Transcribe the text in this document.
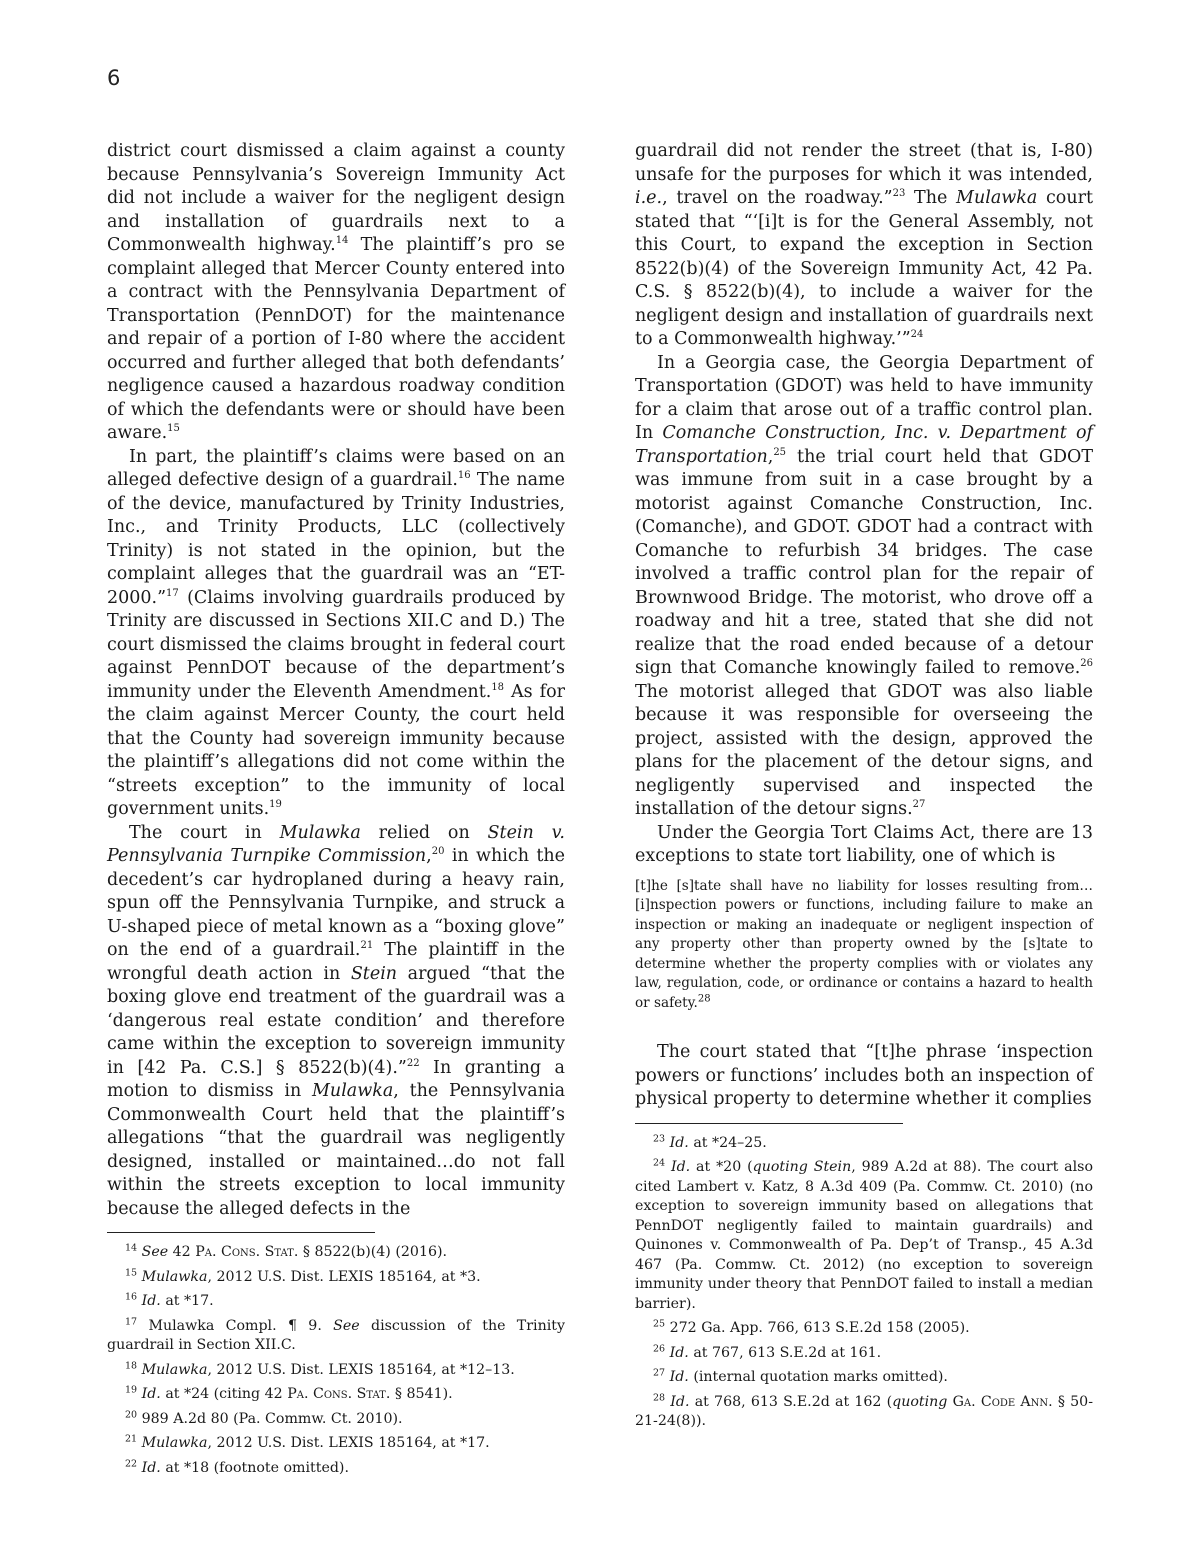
6

district court dismissed a claim against a county because Pennsylvania’s Sovereign Immunity Act did not include a waiver for the negligent design and installation of guardrails next to a Commonwealth highway.$^{14}$ The plaintiff’s pro se complaint alleged that Mercer County entered into a contract with the Pennsylvania Department of Transportation (PennDOT) for the maintenance and repair of a portion of I-80 where the accident occurred and further alleged that both defendants’ negligence caused a hazardous roadway condition of which the defendants were or should have been aware.$^{15}$

In part, the plaintiff’s claims were based on an alleged defective design of a guardrail.$^{16}$ The name of the device, manufactured by Trinity Industries, Inc., and Trinity Products, LLC (collectively Trinity) is not stated in the opinion, but the complaint alleges that the guardrail was an “ET-2000.”$^{17}$ (Claims involving guardrails produced by Trinity are discussed in Sections XII.C and D.) The court dismissed the claims brought in federal court against PennDOT because of the department’s immunity under the Eleventh Amendment.$^{18}$ As for the claim against Mercer County, the court held that the County had sovereign immunity because the plaintiff’s allegations did not come within the “streets exception” to the immunity of local government units.$^{19}$

The court in Mulawka relied on Stein v. Pennsylvania Turnpike Commission,$^{20}$ in which the decedent’s car hydroplaned during a heavy rain, spun off the Pennsylvania Turnpike, and struck a U-shaped piece of metal known as a “boxing glove” on the end of a guardrail.$^{21}$ The plaintiff in the wrongful death action in Stein argued “that the boxing glove end treatment of the guardrail was a ‘dangerous real estate condition’ and therefore came within the exception to sovereign immunity in [42 Pa. C.S.] § 8522(b)(4).”$^{22}$ In granting a motion to dismiss in Mulawka, the Pennsylvania Commonwealth Court held that the plaintiff’s allegations “that the guardrail was negligently designed, installed or maintained…do not fall within the streets exception to local immunity because the alleged defects in the

$^{14}$ See 42 Pa. Cons. Stat. § 8522(b)(4) (2016).

$^{15}$ Mulawka, 2012 U.S. Dist. LEXIS 185164, at *3.

$^{16}$ Id. at *17.

$^{17}$ Mulawka Compl. ¶ 9. See discussion of the Trinity guardrail in Section XII.C.

$^{18}$ Mulawka, 2012 U.S. Dist. LEXIS 185164, at *12–13.

$^{19}$ Id. at *24 (citing 42 Pa. Cons. Stat. § 8541).

$^{20}$ 989 A.2d 80 (Pa. Commw. Ct. 2010).

$^{21}$ Mulawka, 2012 U.S. Dist. LEXIS 185164, at *17.

$^{22}$ Id. at *18 (footnote omitted).

guardrail did not render the street (that is, I-80) unsafe for the purposes for which it was intended, i.e., travel on the roadway.”$^{23}$ The Mulawka court stated that “‘[i]t is for the General Assembly, not this Court, to expand the exception in Section 8522(b)(4) of the Sovereign Immunity Act, 42 Pa. C.S. § 8522(b)(4), to include a waiver for the negligent design and installation of guardrails next to a Commonwealth highway.’”$^{24}$

In a Georgia case, the Georgia Department of Transportation (GDOT) was held to have immunity for a claim that arose out of a traffic control plan. In Comanche Construction, Inc. v. Department of Transportation,$^{25}$ the trial court held that GDOT was immune from suit in a case brought by a motorist against Comanche Construction, Inc. (Comanche), and GDOT. GDOT had a contract with Comanche to refurbish 34 bridges. The case involved a traffic control plan for the repair of Brownwood Bridge. The motorist, who drove off a roadway and hit a tree, stated that she did not realize that the road ended because of a detour sign that Comanche knowingly failed to remove.$^{26}$ The motorist alleged that GDOT was also liable because it was responsible for overseeing the project, assisted with the design, approved the plans for the placement of the detour signs, and negligently supervised and inspected the installation of the detour signs.$^{27}$

Under the Georgia Tort Claims Act, there are 13 exceptions to state tort liability, one of which is

[t]he [s]tate shall have no liability for losses resulting from…[i]nspection powers or functions, including failure to make an inspection or making an inadequate or negligent inspection of any property other than property owned by the [s]tate to determine whether the property complies with or violates any law, regulation, code, or ordinance or contains a hazard to health or safety.$^{28}$

The court stated that “[t]he phrase ‘inspection powers or functions’ includes both an inspection of physical property to determine whether it complies

$^{23}$ Id. at *24–25.

$^{24}$ Id. at *20 (quoting Stein, 989 A.2d at 88). The court also cited Lambert v. Katz, 8 A.3d 409 (Pa. Commw. Ct. 2010) (no exception to sovereign immunity based on allegations that PennDOT negligently failed to maintain guardrails) and Quinones v. Commonwealth of Pa. Dep’t of Transp., 45 A.3d 467 (Pa. Commw. Ct. 2012) (no exception to sovereign immunity under theory that PennDOT failed to install a median barrier).

$^{25}$ 272 Ga. App. 766, 613 S.E.2d 158 (2005).

$^{26}$ Id. at 767, 613 S.E.2d at 161.

$^{27}$ Id. (internal quotation marks omitted).

$^{28}$ Id. at 768, 613 S.E.2d at 162 (quoting Ga. Code Ann. § 50-21-24(8)).
